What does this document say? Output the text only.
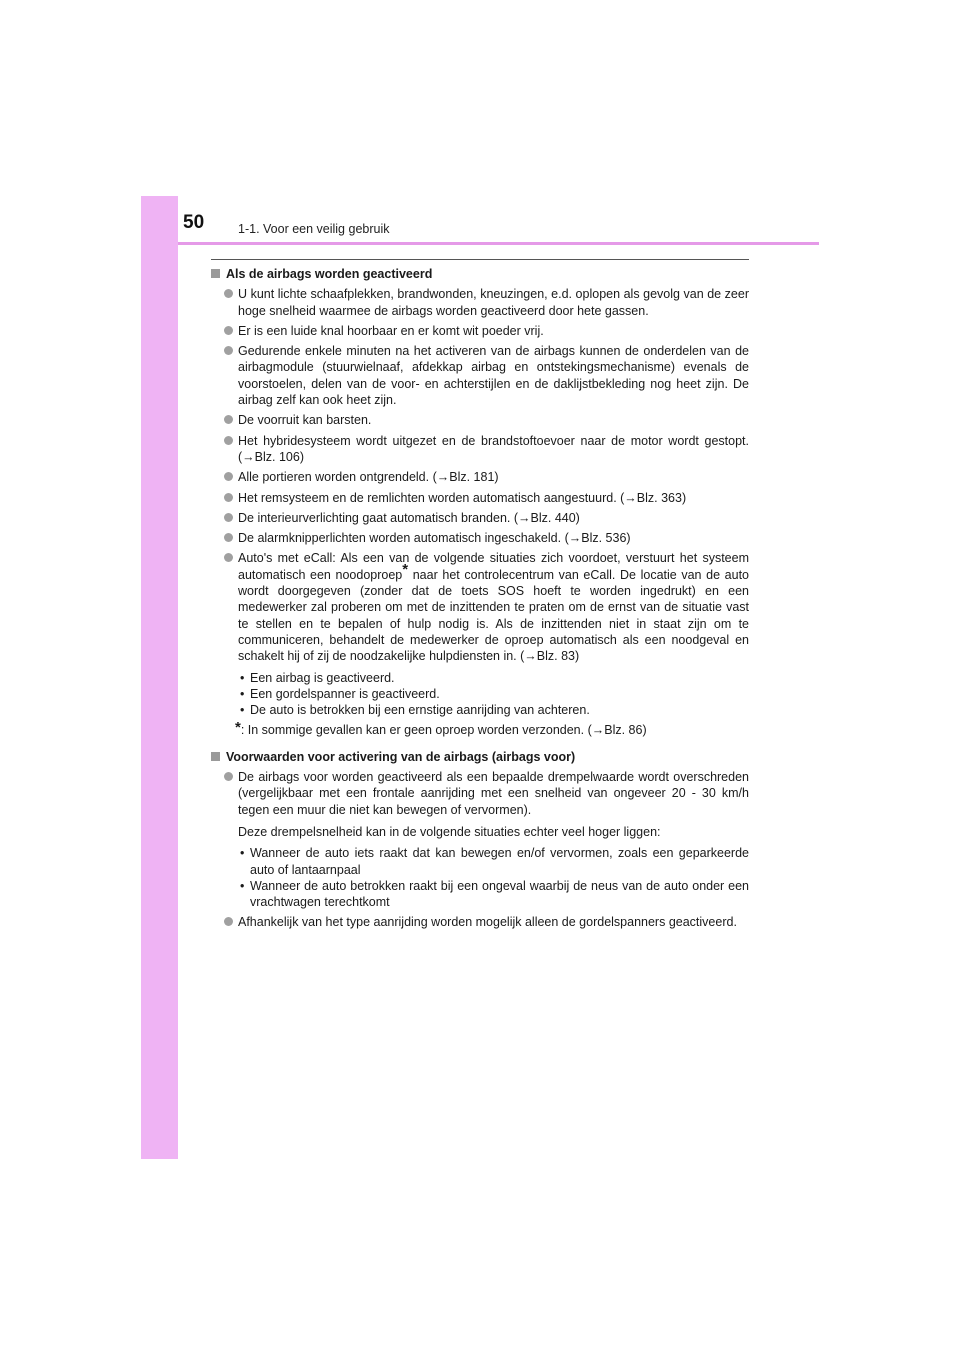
50	1-1. Voor een veilig gebruik
Als de airbags worden geactiveerd
U kunt lichte schaafplekken, brandwonden, kneuzingen, e.d. oplopen als gevolg van de zeer hoge snelheid waarmee de airbags worden geactiveerd door hete gassen.
Er is een luide knal hoorbaar en er komt wit poeder vrij.
Gedurende enkele minuten na het activeren van de airbags kunnen de onderdelen van de airbagmodule (stuurwielnaaf, afdekkap airbag en ontstekingsmechanisme) evenals de voorstoelen, delen van de voor- en achterstijlen en de daklijstbekleding nog heet zijn. De airbag zelf kan ook heet zijn.
De voorruit kan barsten.
Het hybridesysteem wordt uitgezet en de brandstoftoevoer naar de motor wordt gestopt. (→Blz. 106)
Alle portieren worden ontgrendeld. (→Blz. 181)
Het remsysteem en de remlichten worden automatisch aangestuurd. (→Blz. 363)
De interieurverlichting gaat automatisch branden. (→Blz. 440)
De alarmknipperlichten worden automatisch ingeschakeld. (→Blz. 536)
Auto's met eCall: Als een van de volgende situaties zich voordoet, verstuurt het systeem automatisch een noodoproep* naar het controlecentrum van eCall. De locatie van de auto wordt doorgegeven (zonder dat de toets SOS hoeft te worden ingedrukt) en een medewerker zal proberen om met de inzittenden te praten om de ernst van de situatie vast te stellen en te bepalen of hulp nodig is. Als de inzittenden niet in staat zijn om te communiceren, behandelt de medewerker de oproep automatisch als een noodgeval en schakelt hij of zij de noodzakelijke hulpdiensten in. (→Blz. 83)
• Een airbag is geactiveerd.
• Een gordelspanner is geactiveerd.
• De auto is betrokken bij een ernstige aanrijding van achteren.
*: In sommige gevallen kan er geen oproep worden verzonden. (→Blz. 86)
Voorwaarden voor activering van de airbags (airbags voor)
De airbags voor worden geactiveerd als een bepaalde drempelwaarde wordt overschreden (vergelijkbaar met een frontale aanrijding met een snelheid van ongeveer 20 - 30 km/h tegen een muur die niet kan bewegen of vervormen).
Deze drempelsnelheid kan in de volgende situaties echter veel hoger liggen:
• Wanneer de auto iets raakt dat kan bewegen en/of vervormen, zoals een geparkeerde auto of lantaarnpaal
• Wanneer de auto betrokken raakt bij een ongeval waarbij de neus van de auto onder een vrachtwagen terechtkomt
Afhankelijk van het type aanrijding worden mogelijk alleen de gordelspanners geactiveerd.
